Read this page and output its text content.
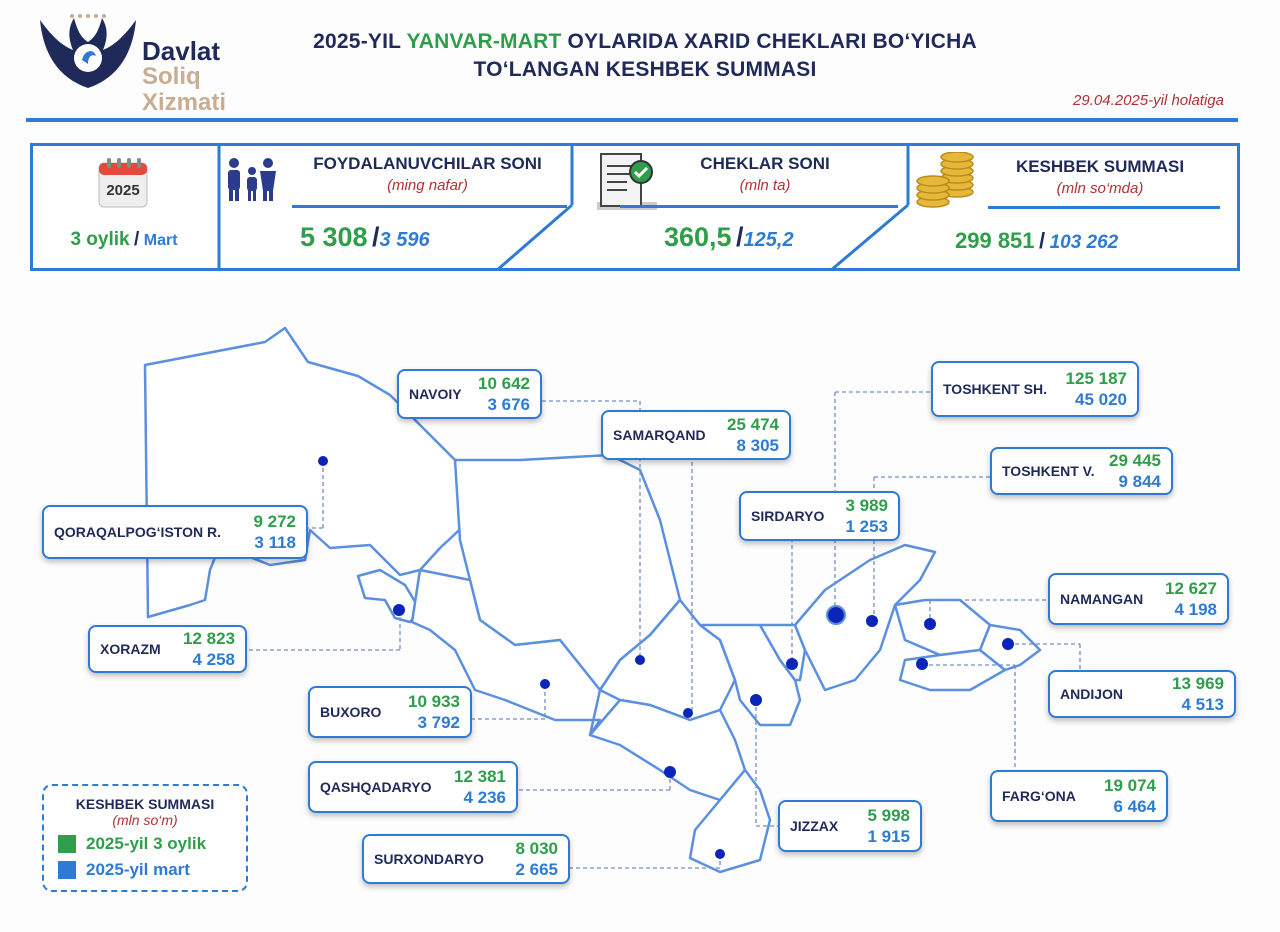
Davlat
Soliq
Xizmati
2025-YIL YANVAR-MART OYLARIDA XARID CHEKLARI BO‘YICHA
TO‘LANGAN KESHBEK SUMMASI
29.04.2025-yil holatiga
2025
3 oylik / Mart
FOYDALANUVCHILAR SONI
(ming nafar)
5 308 /3 596
CHEKLAR SONI
(mln ta)
360,5 /125,2
KESHBEK SUMMASI
(mln so‘mda)
299 851 / 103 262
NAVOIY
10 642
3 676
SAMARQAND
25 474
8 305
TOSHKENT SH.
125 187
45 020
TOSHKENT V.
29 445
9 844
SIRDARYO
3 989
1 253
QORAQALPOG‘ISTON R.
9 272
3 118
NAMANGAN
12 627
4 198
XORAZM
12 823
4 258
ANDIJON
13 969
4 513
BUXORO
10 933
3 792
QASHQADARYO
12 381
4 236	FARG‘ONA
19 074
6 464
JIZZAX
5 998
1 915
SURXONDARYO
8 030
2 665
KESHBEK SUMMASI
(mln so‘m)
2025-yil 3 oylik
2025-yil mart
